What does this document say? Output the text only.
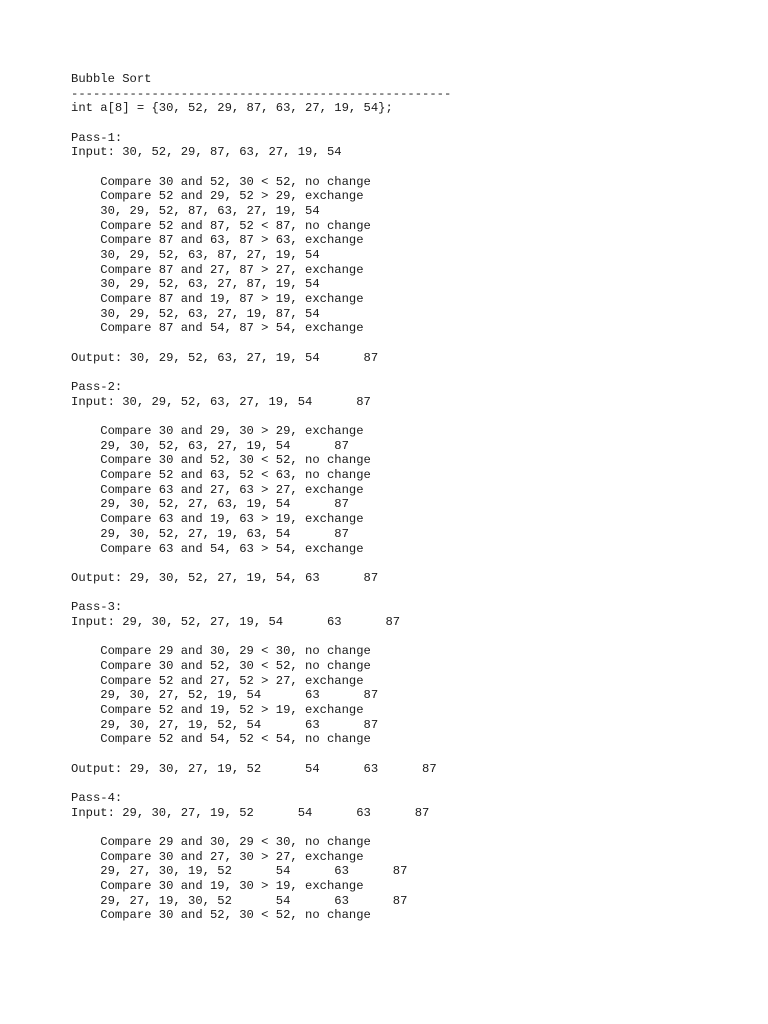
Bubble Sort
----------------------------------------------------
int a[8] = {30, 52, 29, 87, 63, 27, 19, 54};
Pass-1:
Input: 30, 52, 29, 87, 63, 27, 19, 54
Compare 30 and 52, 30 < 52, no change
Compare 52 and 29, 52 > 29, exchange
30, 29, 52, 87, 63, 27, 19, 54
Compare 52 and 87, 52 < 87, no change
Compare 87 and 63, 87 > 63, exchange
30, 29, 52, 63, 87, 27, 19, 54
Compare 87 and 27, 87 > 27, exchange
30, 29, 52, 63, 27, 87, 19, 54
Compare 87 and 19, 87 > 19, exchange
30, 29, 52, 63, 27, 19, 87, 54
Compare 87 and 54, 87 > 54, exchange
Output: 30, 29, 52, 63, 27, 19, 54      87
Pass-2:
Input: 30, 29, 52, 63, 27, 19, 54      87
Compare 30 and 29, 30 > 29, exchange
29, 30, 52, 63, 27, 19, 54      87
Compare 30 and 52, 30 < 52, no change
Compare 52 and 63, 52 < 63, no change
Compare 63 and 27, 63 > 27, exchange
29, 30, 52, 27, 63, 19, 54      87
Compare 63 and 19, 63 > 19, exchange
29, 30, 52, 27, 19, 63, 54      87
Compare 63 and 54, 63 > 54, exchange
Output: 29, 30, 52, 27, 19, 54, 63      87
Pass-3:
Input: 29, 30, 52, 27, 19, 54      63      87
Compare 29 and 30, 29 < 30, no change
Compare 30 and 52, 30 < 52, no change
Compare 52 and 27, 52 > 27, exchange
29, 30, 27, 52, 19, 54      63      87
Compare 52 and 19, 52 > 19, exchange
29, 30, 27, 19, 52, 54      63      87
Compare 52 and 54, 52 < 54, no change
Output: 29, 30, 27, 19, 52      54      63      87
Pass-4:
Input: 29, 30, 27, 19, 52      54      63      87
Compare 29 and 30, 29 < 30, no change
Compare 30 and 27, 30 > 27, exchange
29, 27, 30, 19, 52      54      63      87
Compare 30 and 19, 30 > 19, exchange
29, 27, 19, 30, 52      54      63      87
Compare 30 and 52, 30 < 52, no change
